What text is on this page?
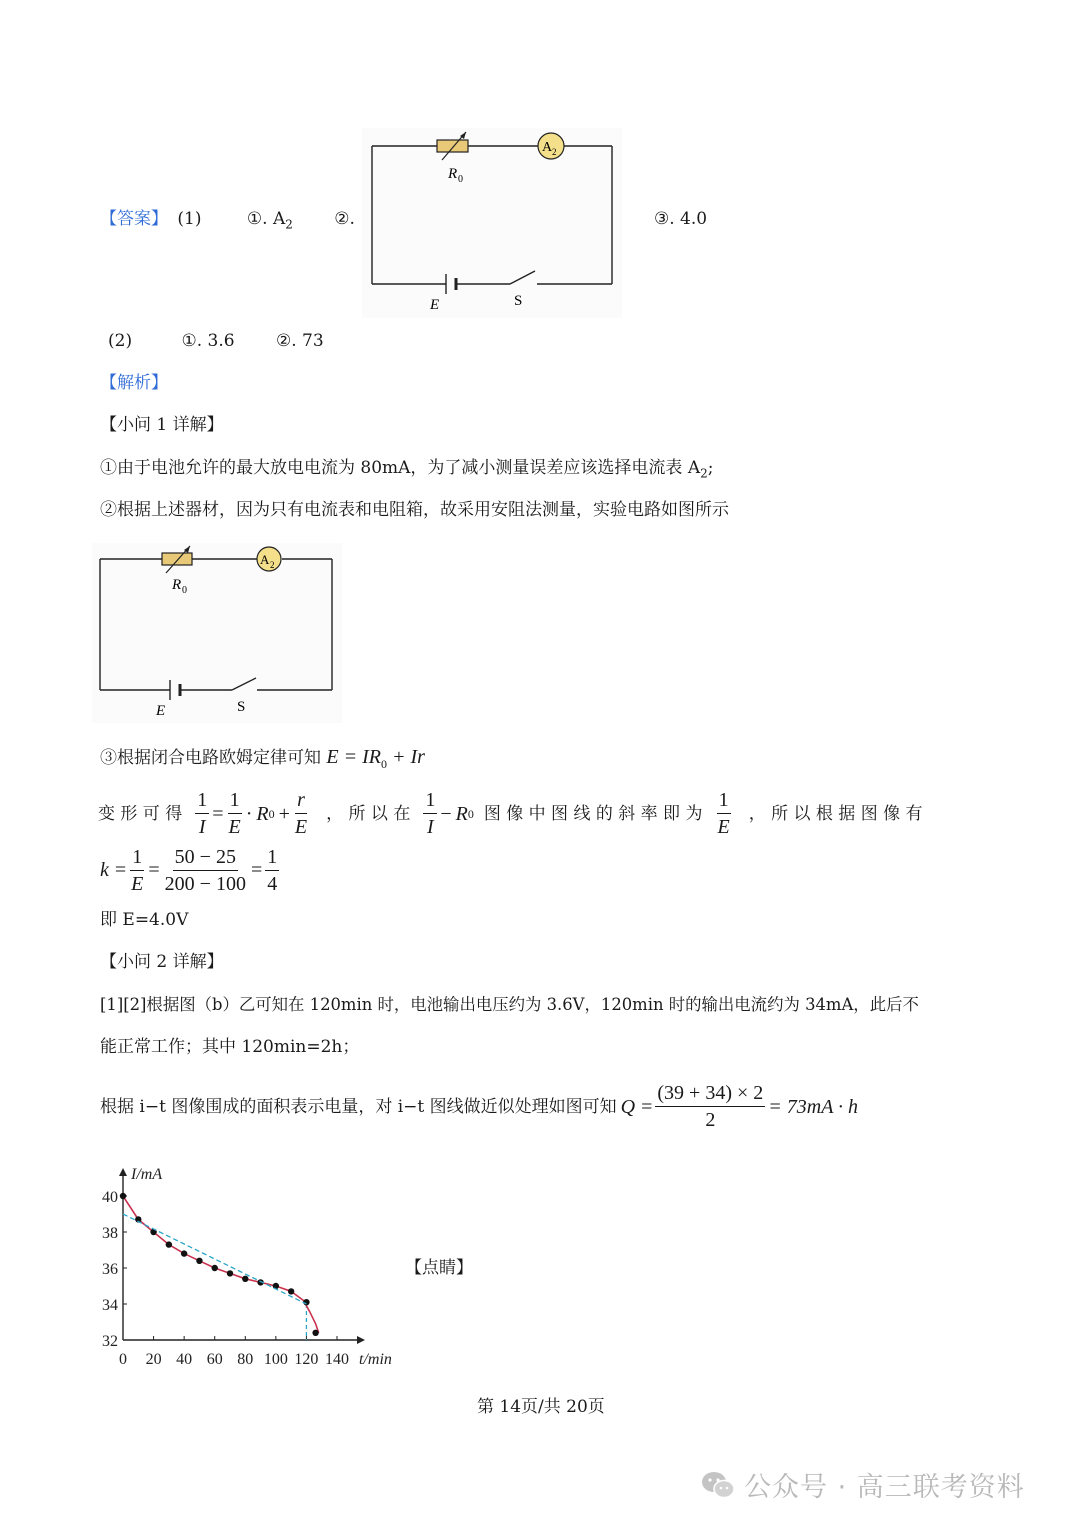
【答案】 (1)	①. $A_2$ ②.	③. 4.0
R 0
A 2
E	S
(2)	①. 3.6 ②. 73
【解析】
【小问 1 详解】
①由于电池允许的最大放电电流为 80mA，为了减小测量误差应该选择电流表 $A_2$;
②根据上述器材，因为只有电流表和电阻箱，故采用安阻法测量，实验电路如图所示
R 0
A 2
E	S
③根据闭合电路欧姆定律可知 $E = IR_0 + Ir$
变 形 可 得 $\frac{1}{I} = \frac{1}{E} \cdot R$ $0 + \frac{r}{E}$ ， 所 以 在 $\frac{1}{I} - R$ 0 图 像 中 图 线 的 斜 率 即 为 $\frac{1}{E}$ ， 所 以 根 据 图 像 有
$k = \frac{1}{E} = \frac{50 - 25}{200 - 100} = \frac{1}{4}$
即 E=4.0V
【小问 2 详解】
[1][2]根据图（b）乙可知在 120min 时，电池输出电压约为 3.6V，120min 时的输出电流约为 34mA，此后不
能正常工作；其中 120min=2h；
根据 i−t 图像围成的面积表示电量，对 i−t 图线做近似处理如图可知 $Q = \frac{(39 + 34) \times 2}{2} = 73mA \cdot h$
0 20 40 60 80 100 120 140
32
34
36
38
40
I/mA
t/min
【点睛】
第 14页/共 20页
公众号 · 高三联考资料
